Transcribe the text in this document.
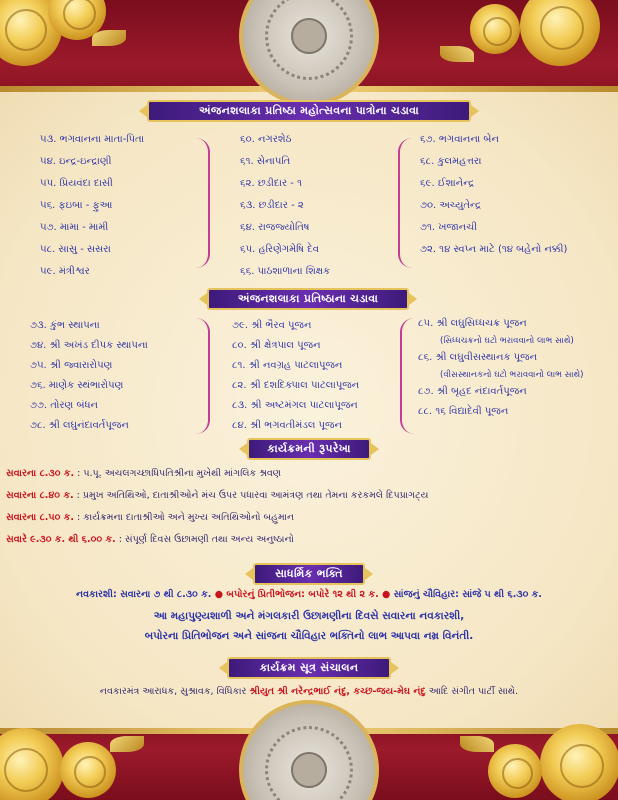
અંજનશલાકા પ્રતિષ્ઠા મહોત્સવના પાત્રોના ચડાવા
૫૩. ભગવાનના માતા-પિતા
૫૪. ઇન્દ્ર-ઇન્દ્રાણી
૫૫. પ્રિયવંદા દાસી
૫૬. ફઇબા - ફુઆ
૫૭. મામા - મામી
૫૮. સાસુ - સસરા
૫૯. મંત્રીશ્વર
૬૦. નગરશેઠ
૬૧. સેનાપતિ
૬૨. છડીદાર - ૧
૬૩. છડીદાર - ૨
૬૪. રાજજ્યોતિષ
૬૫. હરિણેગમેષિ દેવ
૬૬. પાઠશાળાના શિક્ષક
૬૭. ભગવાનના બેન
૬૮. કુલમહત્તરા
૬૯. ઈશાનેન્દ્ર
૭૦. અચ્યુતેન્દ્ર
૭૧. ખજાનચી
૭૨. ૧૪ સ્વપ્ન માટે (૧૪ બહેનો નક્કી)
અંજનશલાકા પ્રતિષ્ઠાના ચડાવા
૭૩. કુંભ સ્થાપના
૭૪. શ્રી અખંડ દીપક સ્થાપના
૭૫. શ્રી જ્વારારોપણ
૭૬. માણેક સ્થંભારોપણ
૭૭. તોરણ બંધન
૭૮. શ્રી લઘુનંદાવર્તપૂજન
૭૯. શ્રી ભૈરવ પૂજન
૮૦. શ્રી ક્ષેત્રપાલ પૂજન
૮૧. શ્રી નવગ્રહ પાટલાપૂજન
૮૨. શ્રી દશદિક્પાલ પાટલાપૂજન
૮૩. શ્રી અષ્ટમંગલ પાટલાપૂજન
૮૪. શ્રી ભગવતીમંડલ પૂજન
૮૫. શ્રી લઘુસિધ્ધચક્ર પૂજન
(સિધ્ધચક્રનો ઘટો ભરાવવાનો લાભ સાથે)
૮૬. શ્રી લઘુવીસસ્થાનક પૂજન
(વીસસ્થાનકનો ઘટો ભરાવવાનો લાભ સાથે)
૮૭. શ્રી બૃહદ નંદાવર્તપૂજન
૮૮. ૧૬ વિદ્યાદેવી પૂજન
કાર્યક્રમની રૂપરેખા
સવારના ૮.૩૦ ક. : પ.પૂ. અચલગચ્છાધિપતિશ્રીના મુખેથી માંગલિક શ્રવણ
સવારના ૮.૪૦ ક. : પ્રમુખ અતિથિઓ, દાતાશ્રીઓને મંચ ઉપર પધારવા આમંત્રણ તથા તેમના કરકમલે દિપપ્રાગટ્ય
સવારના ૮.૫૦ ક. : કાર્યક્રમના દાતાશ્રીઓ અને મુખ્ય અતિથિઓનો બહુમાન
સવારે ૯.૩૦ ક. થી ૬.૦૦ ક. : સંપૂર્ણ દિવસ ઉછામણી તથા અન્ય અનુષ્ઠાનો
સાધર્મિક ભક્તિ
નવકારશી: સવારના ૭ થી ૮.૩૦ ક. ● બપોરનું પ્રિતીભોજન: બપોરે ૧૨ થી ૨ ક. ● સાંજનું ચૌવિહાર: સાંજે ૫ થી ૬.૩૦ ક.
આ મહાપુણ્યશાળી અને મંગલકારી ઉછામણીના દિવસે સવારના નવકારશી,
બપોરના પ્રિતિભોજન અને સાંજના ચૌવિહાર ભક્તિનો લાભ આપવા નમ્ર વિનંતી.
કાર્યક્રમ સૂત્ર સંચાલન
નવકારમંત્ર આરાધક, સુશ્રાવક, વિધિકાર શ્રીયુત શ્રી નરેન્દ્રભાઈ નંદુ, કચ્છ-જય-મેઘ નંદુ આદિ સંગીત પાર્ટી સાથે.
